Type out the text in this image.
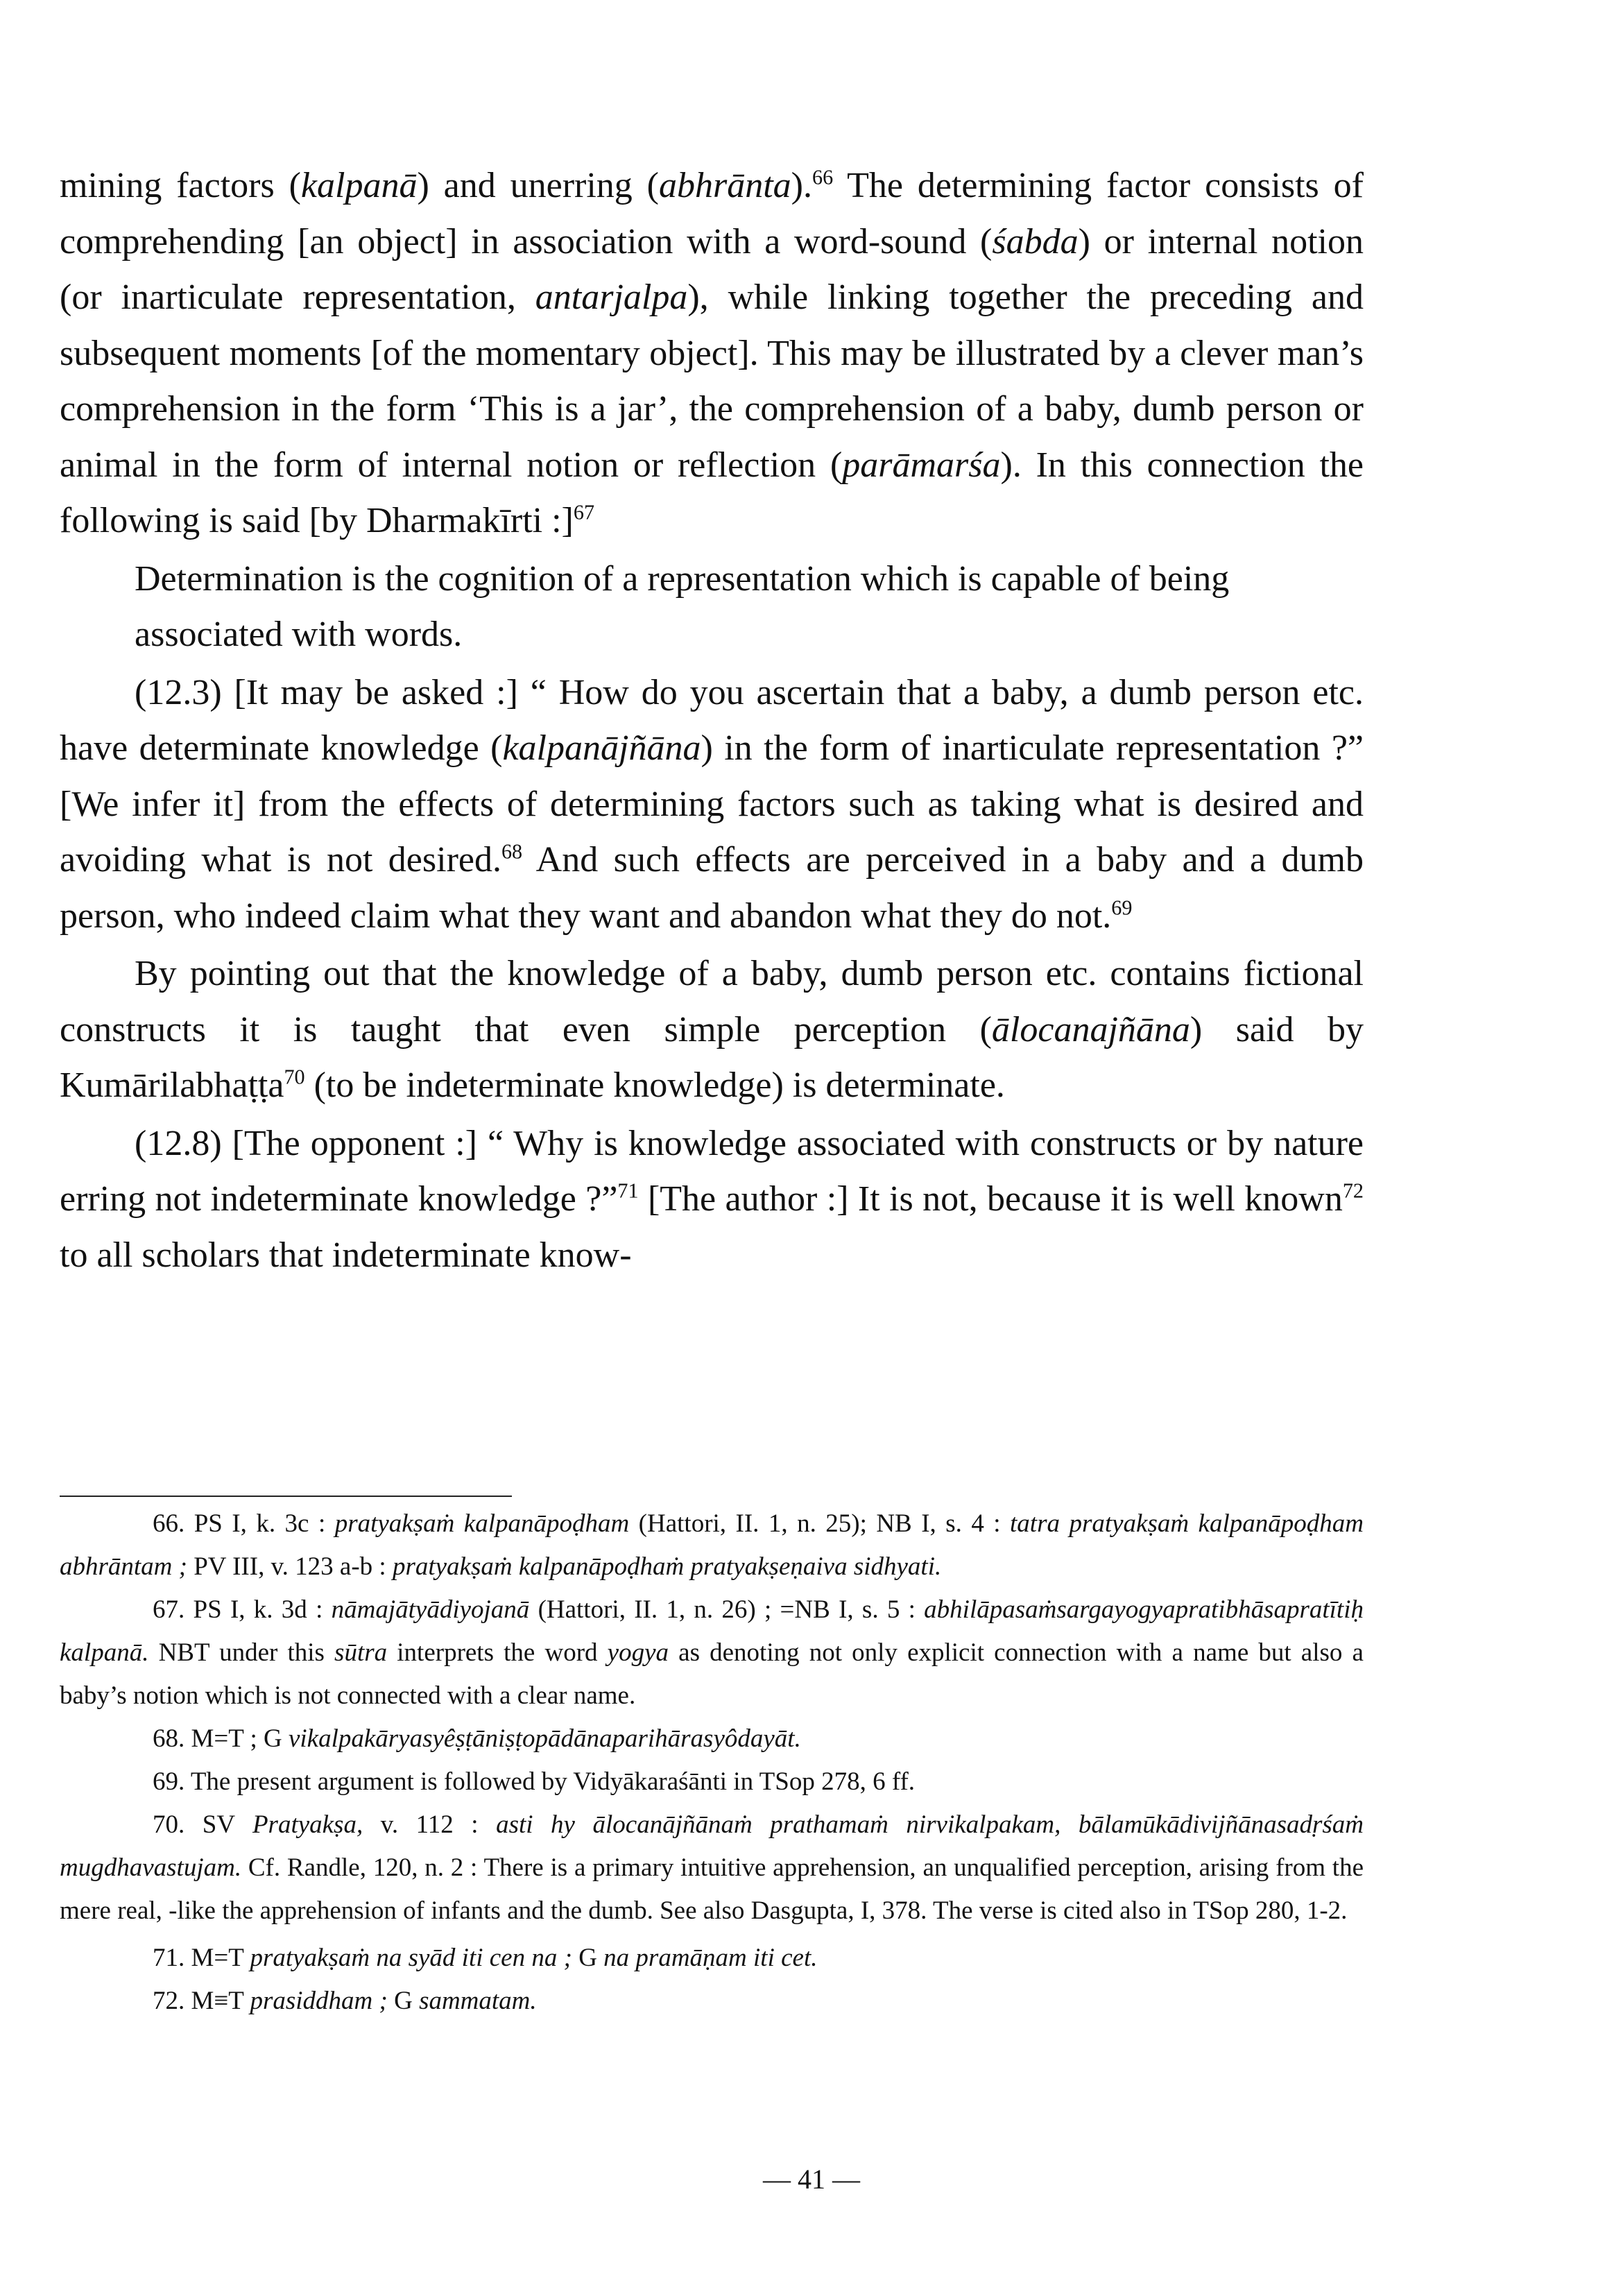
mining factors (kalpanā) and unerring (abhrānta).$^{66}$ The determining factor consists of comprehending [an object] in association with a word-sound (śabda) or internal notion (or inarticulate representation, antarjalpa), while linking together the preceding and subsequent moments [of the momentary object]. This may be illustrated by a clever man’s comprehension in the form ‘This is a jar’, the comprehension of a baby, dumb person or animal in the form of internal notion or reflection (parāmarśa). In this connection the following is said [by Dharmakīrti :]$^{67}$

Determination is the cognition of a representation which is capable of being associated with words.

(12.3) [It may be asked :] “ How do you ascertain that a baby, a dumb person etc. have determinate knowledge (kalpanājñāna) in the form of inarticulate representation ?” [We infer it] from the effects of determining factors such as taking what is desired and avoiding what is not desired.$^{68}$ And such effects are perceived in a baby and a dumb person, who indeed claim what they want and abandon what they do not.$^{69}$

By pointing out that the knowledge of a baby, dumb person etc. contains fictional constructs it is taught that even simple perception (ālocanajñāna) said by Kumārilabhaṭṭa$^{70}$ (to be indeterminate knowledge) is determinate.

(12.8) [The opponent :] “ Why is knowledge associated with constructs or by nature erring not indeterminate knowledge ?”$^{71}$ [The author :] It is not, because it is well known$^{72}$ to all scholars that indeterminate know-

66. PS I, k. 3c : pratyakṣaṁ kalpanāpoḍham (Hattori, II. 1, n. 25); NB I, s. 4 : tatra pratyakṣaṁ kalpanāpoḍham abhrāntam ; PV III, v. 123 a-b : pratyakṣaṁ kalpanāpoḍhaṁ pratyakṣeṇaiva sidhyati.

67. PS I, k. 3d : nāmajātyādiyojanā (Hattori, II. 1, n. 26) ; =NB I, s. 5 : abhilāpasaṁsargayogyapratibhāsapratītiḥ kalpanā. NBT under this sūtra interprets the word yogya as denoting not only explicit connection with a name but also a baby’s notion which is not connected with a clear name.

68. M=T ; G vikalpakāryasyêṣṭāniṣṭopādānaparihārasyôdayāt.

69. The present argument is followed by Vidyākaraśānti in TSop 278, 6 ff.

70. SV Pratyakṣa, v. 112 : asti hy ālocanājñānaṁ prathamaṁ nirvikalpakam, bālamūkādivijñānasadṛśaṁ mugdhavastujam. Cf. Randle, 120, n. 2 : There is a primary intuitive apprehension, an unqualified perception, arising from the mere real, -like the apprehension of infants and the dumb. See also Dasgupta, I, 378. The verse is cited also in TSop 280, 1-2.

71. M=T pratyakṣaṁ na syād iti cen na ; G na pramāṇam iti cet.

72. M≡T prasiddham ; G sammatam.

— 41 —
